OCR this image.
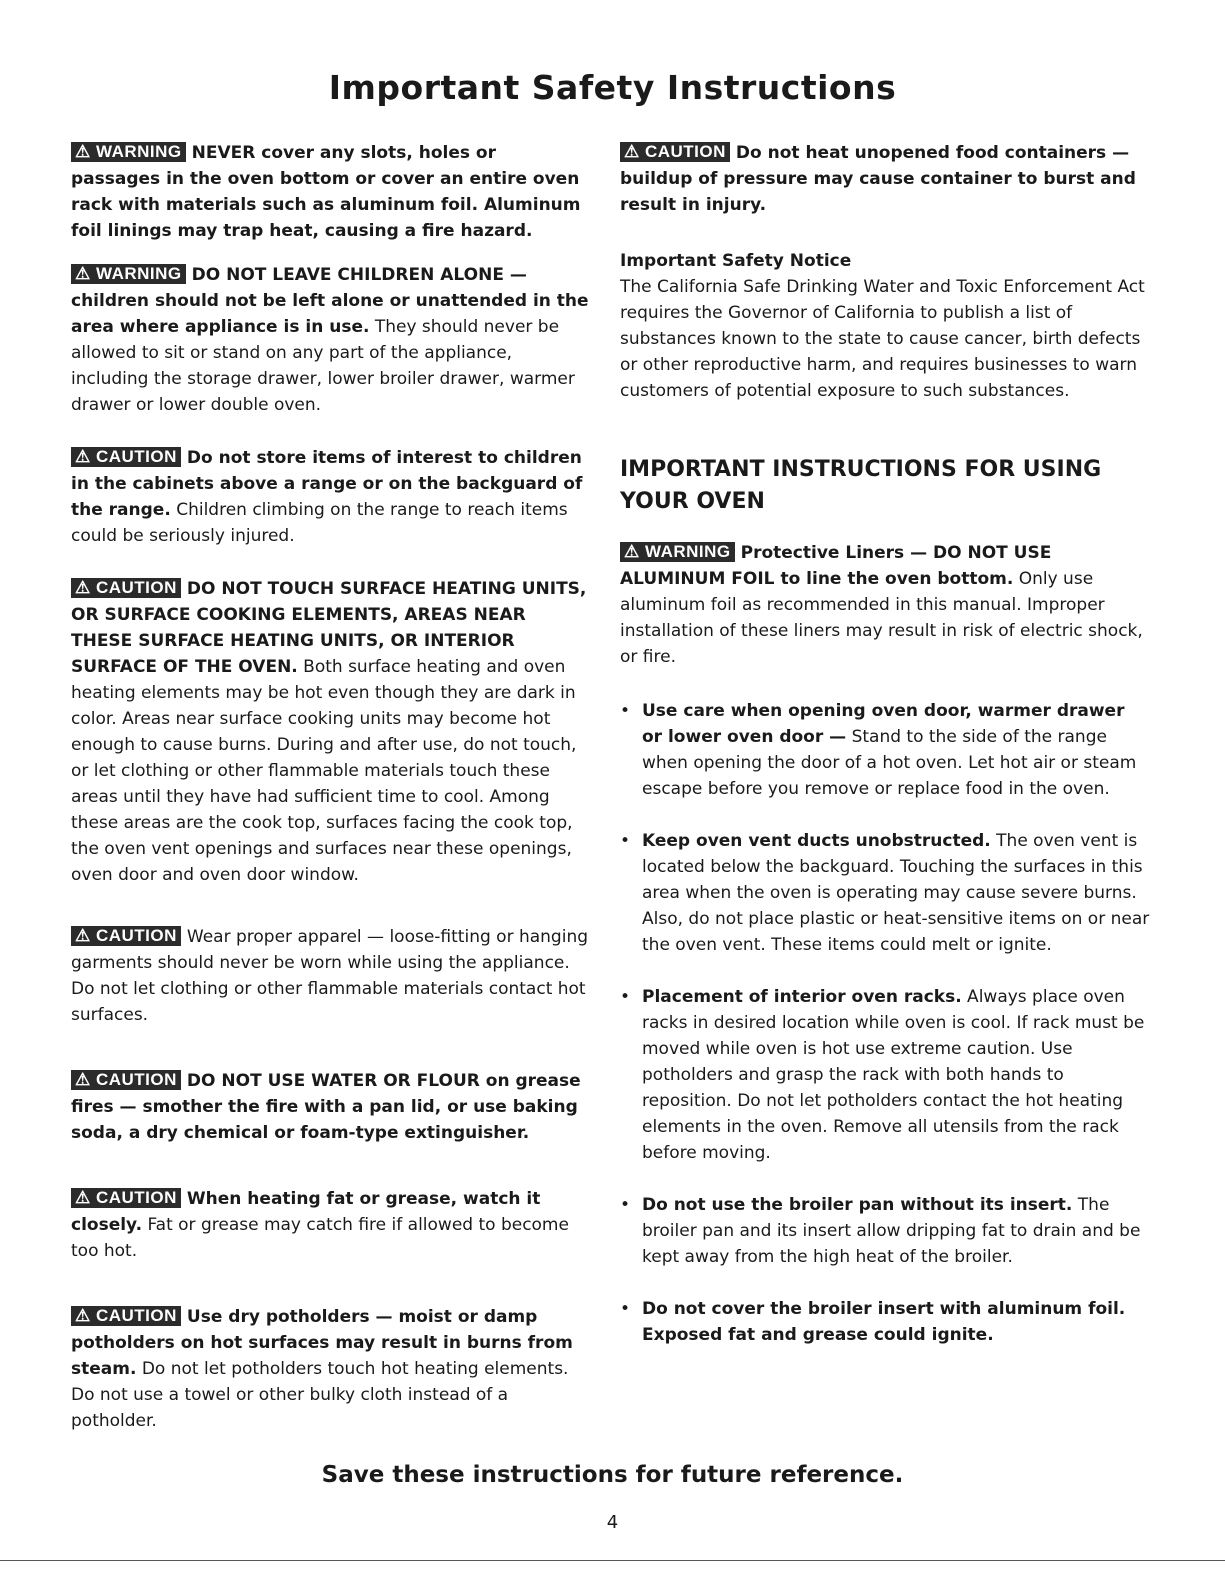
Important Safety Instructions

⚠ WARNING NEVER cover any slots, holes or passages in the oven bottom or cover an entire oven rack with materials such as aluminum foil. Aluminum foil linings may trap heat, causing a fire hazard.

⚠ WARNING DO NOT LEAVE CHILDREN ALONE — children should not be left alone or unattended in the area where appliance is in use. They should never be allowed to sit or stand on any part of the appliance, including the storage drawer, lower broiler drawer, warmer drawer or lower double oven.

⚠ CAUTION Do not store items of interest to children in the cabinets above a range or on the backguard of the range. Children climbing on the range to reach items could be seriously injured.

⚠ CAUTION DO NOT TOUCH SURFACE HEATING UNITS, OR SURFACE COOKING ELEMENTS, AREAS NEAR THESE SURFACE HEATING UNITS, OR INTERIOR SURFACE OF THE OVEN. Both surface heating and oven heating elements may be hot even though they are dark in color. Areas near surface cooking units may become hot enough to cause burns. During and after use, do not touch, or let clothing or other flammable materials touch these areas until they have had sufficient time to cool. Among these areas are the cook top, surfaces facing the cook top, the oven vent openings and surfaces near these openings, oven door and oven door window.

⚠ CAUTION Wear proper apparel — loose-fitting or hanging garments should never be worn while using the appliance. Do not let clothing or other flammable materials contact hot surfaces.

⚠ CAUTION DO NOT USE WATER OR FLOUR on grease fires — smother the fire with a pan lid, or use baking soda, a dry chemical or foam-type extinguisher.

⚠ CAUTION When heating fat or grease, watch it closely. Fat or grease may catch fire if allowed to become too hot.

⚠ CAUTION Use dry potholders — moist or damp potholders on hot surfaces may result in burns from steam. Do not let potholders touch hot heating elements. Do not use a towel or other bulky cloth instead of a potholder.

⚠ CAUTION Do not heat unopened food containers — buildup of pressure may cause container to burst and result in injury.

Important Safety Notice

The California Safe Drinking Water and Toxic Enforcement Act requires the Governor of California to publish a list of substances known to the state to cause cancer, birth defects or other reproductive harm, and requires businesses to warn customers of potential exposure to such substances.

IMPORTANT INSTRUCTIONS FOR USING YOUR OVEN

⚠ WARNING Protective Liners — DO NOT USE ALUMINUM FOIL to line the oven bottom. Only use aluminum foil as recommended in this manual. Improper installation of these liners may result in risk of electric shock, or fire.

• Use care when opening oven door, warmer drawer or lower oven door — Stand to the side of the range when opening the door of a hot oven. Let hot air or steam escape before you remove or replace food in the oven.

• Keep oven vent ducts unobstructed. The oven vent is located below the backguard. Touching the surfaces in this area when the oven is operating may cause severe burns. Also, do not place plastic or heat-sensitive items on or near the oven vent. These items could melt or ignite.

• Placement of interior oven racks. Always place oven racks in desired location while oven is cool. If rack must be moved while oven is hot use extreme caution. Use potholders and grasp the rack with both hands to reposition. Do not let potholders contact the hot heating elements in the oven. Remove all utensils from the rack before moving.

• Do not use the broiler pan without its insert. The broiler pan and its insert allow dripping fat to drain and be kept away from the high heat of the broiler.

• Do not cover the broiler insert with aluminum foil. Exposed fat and grease could ignite.

Save these instructions for future reference.
4
